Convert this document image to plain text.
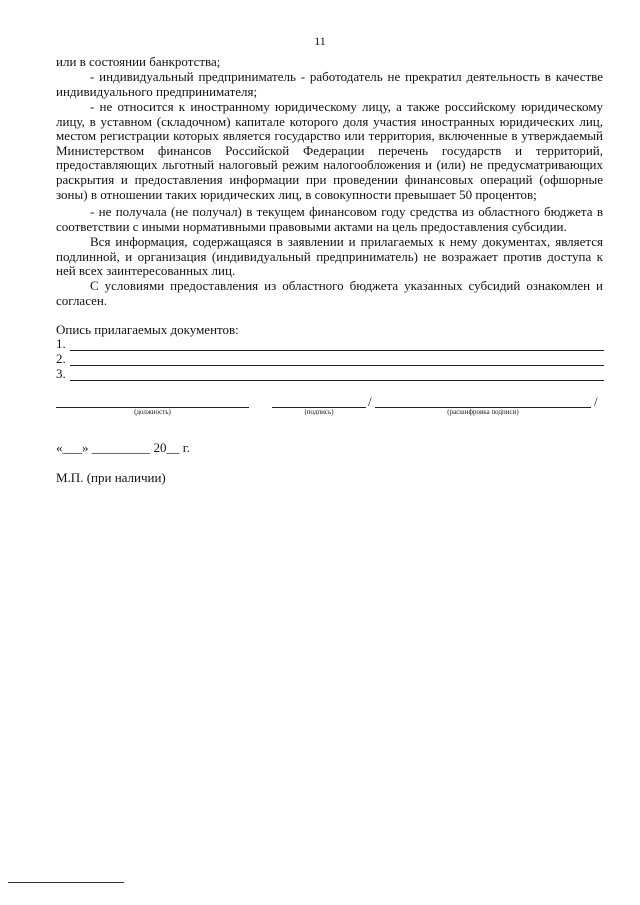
11

или в состоянии банкротства;

- индивидуальный предприниматель - работодатель не прекратил деятельность в качестве индивидуального предпринимателя;

- не относится к иностранному юридическому лицу, а также российскому юридическому лицу, в уставном (складочном) капитале которого доля участия иностранных юридических лиц, местом регистрации которых является государство или территория, включенные в утверждаемый Министерством финансов Российской Федерации перечень государств и территорий, предоставляющих льготный налоговый режим налогообложения и (или) не предусматривающих раскрытия и предоставления информации при проведении финансовых операций (офшорные зоны) в отношении таких юридических лиц, в совокупности превышает 50 процентов;

- не получала (не получал) в текущем финансовом году средства из областного бюджета в соответствии с иными нормативными правовыми актами на цель предоставления субсидии.

Вся информация, содержащаяся в заявлении и прилагаемых к нему документах, является подлинной, и организация (индивидуальный предприниматель) не возражает против доступа к ней всех заинтересованных лиц.

С условиями предоставления из областного бюджета указанных субсидий ознакомлен и согласен.

Опись прилагаемых документов:
1.
2.
3.
(должность)	(подпись)
/
(расшифровка подписи)
/
«___» _________ 20__ г.
М.П. (при наличии)
